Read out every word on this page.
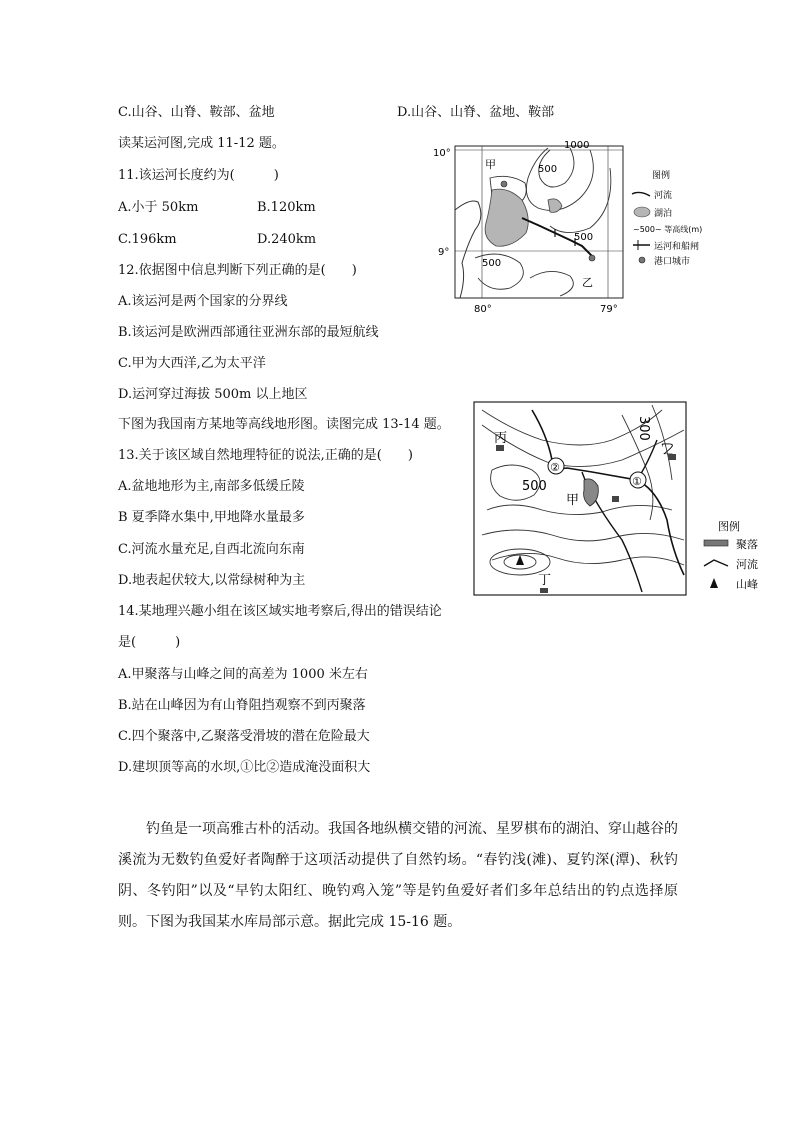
C.山谷、山脊、鞍部、盆地	D.山谷、山脊、盆地、鞍部
读某运河图,完成 11-12 题。
11.该运河长度约为(　　　)
A.小于 50km	B.120km
C.196km	D.240km
12.依据图中信息判断下列正确的是(　　)
A.该运河是两个国家的分界线
B.该运河是欧洲西部通往亚洲东部的最短航线
C.甲为大西洋,乙为太平洋
D.运河穿过海拔 500m 以上地区
下图为我国南方某地等高线地形图。读图完成 13-14 题。
13.关于该区域自然地理特征的说法,正确的是(　　)
A.盆地地形为主,南部多低缓丘陵
B 夏季降水集中,甲地降水量最多
C.河流水量充足,自西北流向东南
D.地表起伏较大,以常绿树种为主
14.某地理兴趣小组在该区域实地考察后,得出的错误结论
是(　　　)
A.甲聚落与山峰之间的高差为 1000 米左右
B.站在山峰因为有山脊阻挡观察不到丙聚落
C.四个聚落中,乙聚落受滑坡的潜在危险最大
D.建坝顶等高的水坝,①比②造成淹没面积大
钓鱼是一项高雅古朴的活动。我国各地纵横交错的河流、星罗棋布的湖泊、穿山越谷的溪流为无数钓鱼爱好者陶醉于这项活动提供了自然钓场。“春钓浅(滩)、夏钓深(潭)、秋钓阴、冬钓阳”以及“早钓太阳红、晚钓鸡入笼”等是钓鱼爱好者们多年总结出的钓点选择原则。下图为我国某水库局部示意。据此完成 15-16 题。
10°
9°
80°	79°
1000
500
500
500
甲
乙
图例
河流
湖泊
~500~ 等高线(m)
运河和船闸
港口城市
②
①
丙
乙
甲
丁
300
500
图例
聚落
河流
山峰
